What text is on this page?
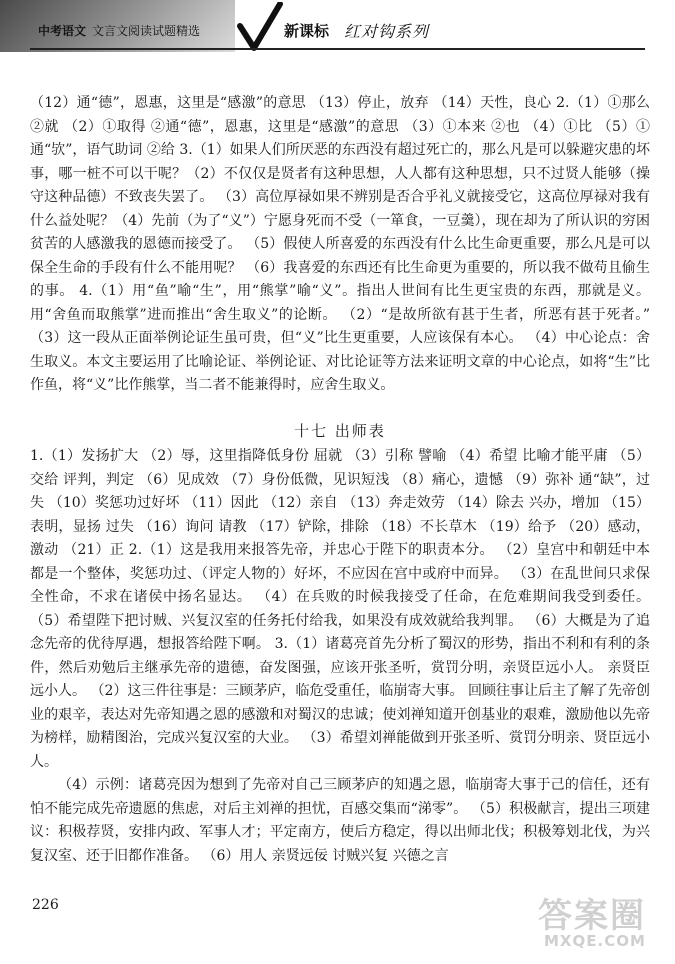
中考语文 文言文阅读试题精选	新课标 红对钩系列

（12）通“德”，恩惠，这里是“感激”的意思 （13）停止，放弃 （14）天性，良心 2.（1）①那么 ②就 （2）①取得 ②通“德”，恩惠，这里是“感激”的意思 （3）①本来 ②也 （4）①比 （5）①通“欤”，语气助词 ②给 3.（1）如果人们所厌恶的东西没有超过死亡的，那么凡是可以躲避灾患的坏事，哪一桩不可以干呢？（2）不仅仅是贤者有这种思想，人人都有这种思想，只不过贤人能够（操守这种品德）不致丧失罢了。 （3）高位厚禄如果不辨别是否合乎礼义就接受它，这高位厚禄对我有什么益处呢？（4）先前（为了“义”）宁愿身死而不受（一箪食，一豆羹），现在却为了所认识的穷困贫苦的人感激我的恩德而接受了。 （5）假使人所喜爱的东西没有什么比生命更重要，那么凡是可以保全生命的手段有什么不能用呢？ （6）我喜爱的东西还有比生命更为重要的，所以我不做苟且偷生的事。 4.（1）用“鱼”喻“生”，用“熊掌”喻“义”。指出人世间有比生更宝贵的东西，那就是义。用“舍鱼而取熊掌”进而推出“舍生取义”的论断。 （2）“是故所欲有甚于生者，所恶有甚于死者。” （3）这一段从正面举例论证生虽可贵，但“义”比生更重要，人应该保有本心。 （4）中心论点：舍生取义。本文主要运用了比喻论证、举例论证、对比论证等方法来证明文章的中心论点，如将“生”比作鱼，将“义”比作熊掌，当二者不能兼得时，应舍生取义。

十七 出师表

1.（1）发扬扩大 （2）辱，这里指降低身份 屈就 （3）引称 譬喻 （4）希望 比喻才能平庸 （5）交给 评判，判定 （6）见成效 （7）身份低微，见识短浅 （8）痛心，遗憾 （9）弥补 通“缺”，过失 （10）奖惩功过好坏 （11）因此 （12）亲自 （13）奔走效劳 （14）除去 兴办，增加 （15）表明，显扬 过失 （16）询问 请教 （17）铲除，排除 （18）不长草木 （19）给予 （20）感动，激动 （21）正 2.（1）这是我用来报答先帝，并忠心于陛下的职责本分。 （2）皇宫中和朝廷中本都是一个整体，奖惩功过、（评定人物的）好坏，不应因在宫中或府中而异。 （3）在乱世间只求保全性命，不求在诸侯中扬名显达。 （4）在兵败的时候我接受了任命，在危难期间我受到委任。 （5）希望陛下把讨贼、兴复汉室的任务托付给我，如果没有成效就给我判罪。 （6）大概是为了追念先帝的优待厚遇，想报答给陛下啊。 3.（1）诸葛亮首先分析了蜀汉的形势，指出不利和有利的条件，然后劝勉后主继承先帝的遗德，奋发图强，应该开张圣听，赏罚分明，亲贤臣远小人。 亲贤臣远小人。 （2）这三件往事是：三顾茅庐，临危受重任，临崩寄大事。 回顾往事让后主了解了先帝创业的艰辛，表达对先帝知遇之恩的感激和对蜀汉的忠诚；使刘禅知道开创基业的艰难，激励他以先帝为榜样，励精图治，完成兴复汉室的大业。 （3）希望刘禅能做到开张圣听、赏罚分明亲、贤臣远小人。

（4）示例：诸葛亮因为想到了先帝对自己三顾茅庐的知遇之恩，临崩寄大事于己的信任，还有怕不能完成先帝遗愿的焦虑，对后主刘禅的担忧，百感交集而“涕零”。 （5）积极献言，提出三项建议：积极荐贤，安排内政、军事人才；平定南方，使后方稳定，得以出师北伐；积极筹划北伐，为兴复汉室、还于旧都作准备。 （6）用人 亲贤远佞 讨贼兴复 兴德之言

226	答案圈
MXQE.COM
